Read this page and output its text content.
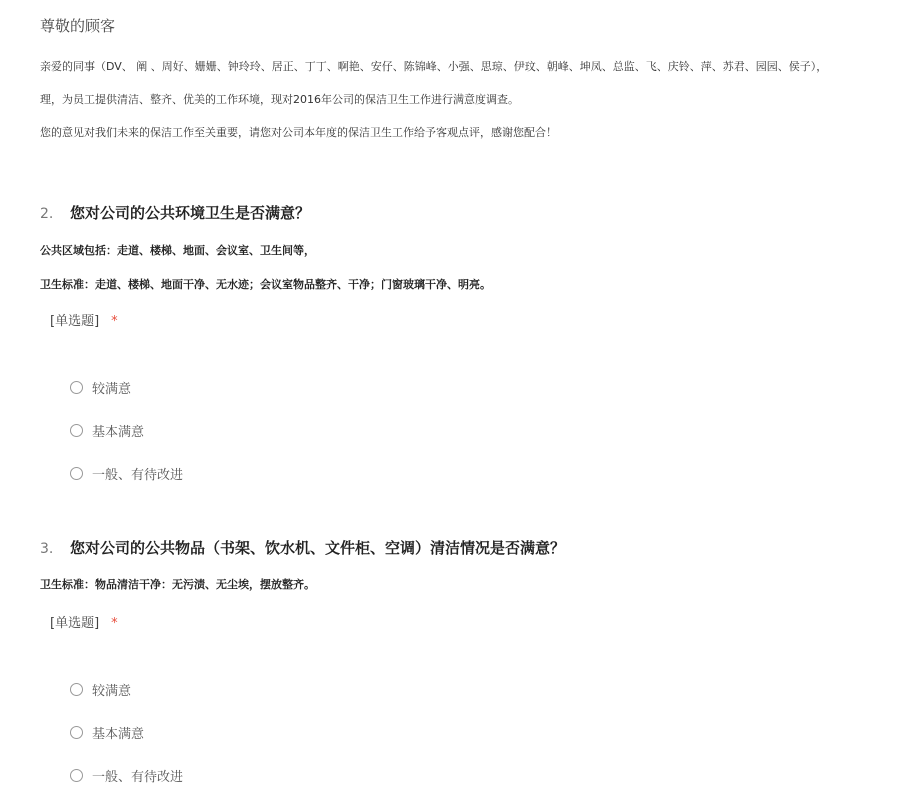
尊敬的顾客
亲爱的同事（DV、 阐 、周好、姗姗、钟玲玲、居正、丁丁、啊艳、安仔、陈锦峰、小强、思琼、伊玟、朝峰、坤凤、总监、飞、庆铃、萍、苏君、园园、侯子），
理，为员工提供清洁、整齐、优美的工作环境，现对2016年公司的保洁卫生工作进行满意度调查。
您的意见对我们未来的保洁工作至关重要，请您对公司本年度的保洁卫生工作给予客观点评，感谢您配合！
2. 您对公司的公共环境卫生是否满意？
公共区域包括：走道、楼梯、地面、会议室、卫生间等，
卫生标准：走道、楼梯、地面干净、无水迹；会议室物品整齐、干净；门窗玻璃干净、明亮。
[单选题] *
较满意
基本满意
一般、有待改进
3. 您对公司的公共物品（书架、饮水机、文件柜、空调）清洁情况是否满意？
卫生标准：物品清洁干净：无污渍、无尘埃，摆放整齐。
[单选题] *
较满意
基本满意
一般、有待改进
